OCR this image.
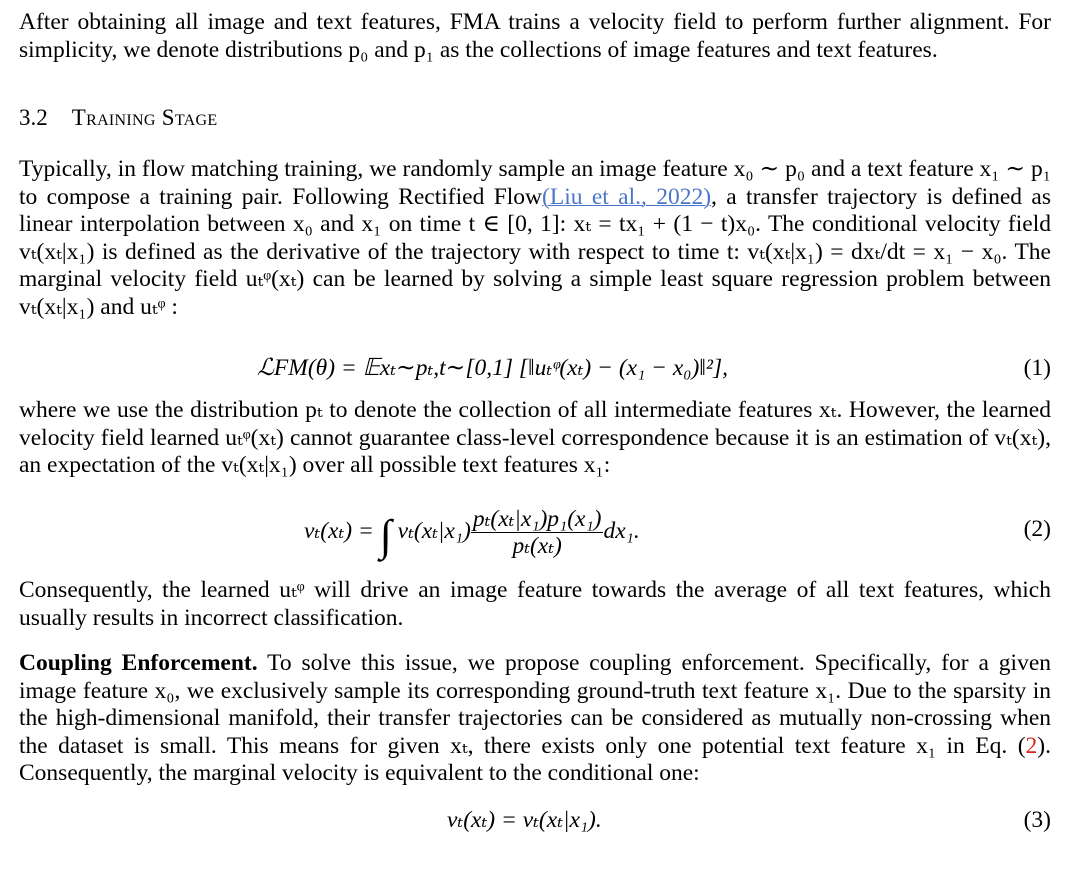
After obtaining all image and text features, FMA trains a velocity field to perform further alignment. For simplicity, we denote distributions p₀ and p₁ as the collections of image features and text features.
3.2 Training Stage
Typically, in flow matching training, we randomly sample an image feature x₀ ∼ p₀ and a text feature x₁ ∼ p₁ to compose a training pair. Following Rectified Flow(Liu et al., 2022), a transfer trajectory is defined as linear interpolation between x₀ and x₁ on time t ∈ [0, 1]: xₜ = tx₁ + (1 − t)x₀. The conditional velocity field vₜ(xₜ|x₁) is defined as the derivative of the trajectory with respect to time t: vₜ(xₜ|x₁) = dxₜ/dt = x₁ − x₀. The marginal velocity field uₜᵠ(xₜ) can be learned by solving a simple least square regression problem between vₜ(xₜ|x₁) and uₜᵠ :
ℒFM(θ) = 𝔼xₜ∼pₜ,t∼[0,1] [‖uₜᵠ(xₜ) − (x₁ − x₀)‖²],	(1)
where we use the distribution pₜ to denote the collection of all intermediate features xₜ. However, the learned velocity field learned uₜᵠ(xₜ) cannot guarantee class-level correspondence because it is an estimation of vₜ(xₜ), an expectation of the vₜ(xₜ|x₁) over all possible text features x₁:
vₜ(xₜ) = ∫ $v_t(x_t|x_1) \frac{\text{pₜ(xₜ|x₁)p₁(x₁)}}{\text{pₜ(xₜ)}} dx_1$.	(2)
Consequently, the learned uₜᵠ will drive an image feature towards the average of all text features, which usually results in incorrect classification.
Coupling Enforcement. To solve this issue, we propose coupling enforcement. Specifically, for a given image feature x₀, we exclusively sample its corresponding ground-truth text feature x₁. Due to the sparsity in the high-dimensional manifold, their transfer trajectories can be considered as mutually non-crossing when the dataset is small. This means for given xₜ, there exists only one potential text feature x₁ in Eq. (2). Consequently, the marginal velocity is equivalent to the conditional one:
vₜ(xₜ) = vₜ(xₜ|x₁).	(3)
